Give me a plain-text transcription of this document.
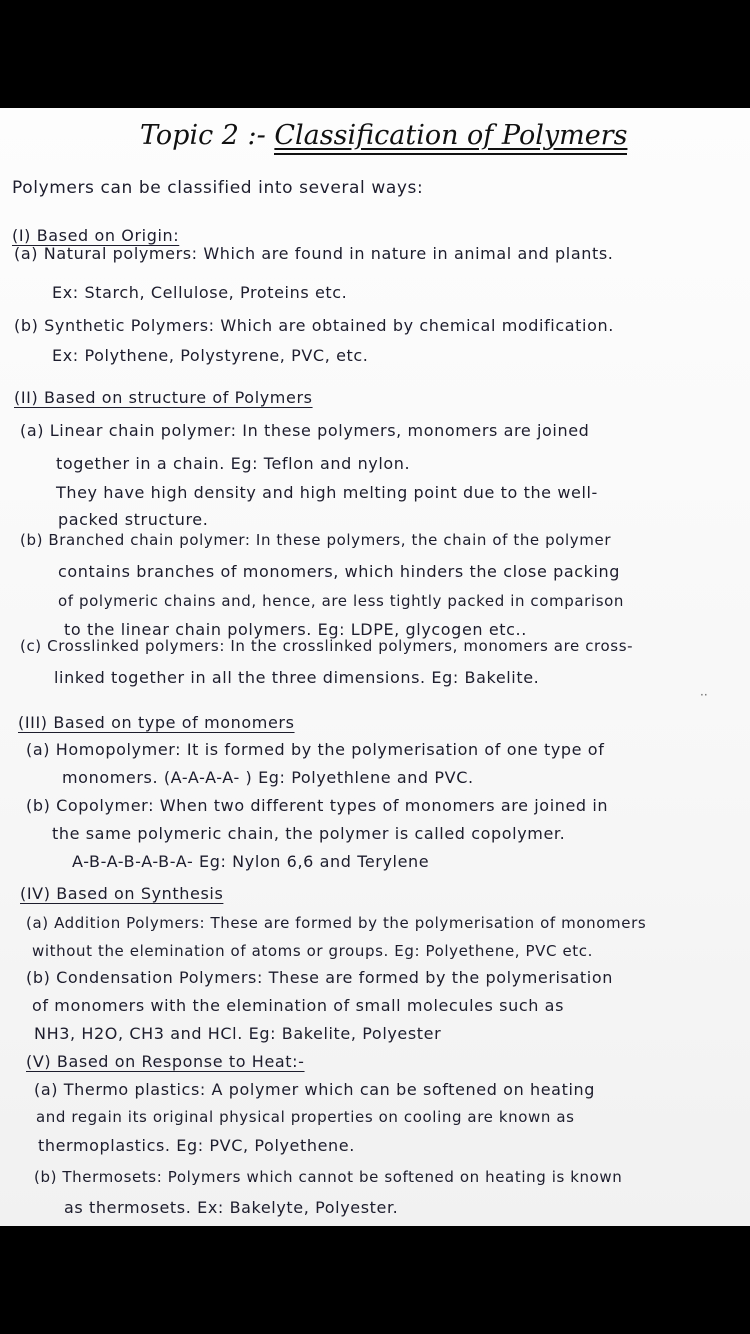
Topic 2 :- Classification of Polymers
Polymers can be classified into several ways:
(I) Based on Origin:
(a) Natural polymers: Which are found in nature in animal and plants.
Ex: Starch, Cellulose, Proteins etc.
(b) Synthetic Polymers: Which are obtained by chemical modification.
Ex: Polythene, Polystyrene, PVC, etc.
(II) Based on structure of Polymers
(a) Linear chain polymer: In these polymers, monomers are joined
together in a chain. Eg: Teflon and nylon.
They have high density and high melting point due to the well-
packed structure.
(b) Branched chain polymer: In these polymers, the chain of the polymer
contains branches of monomers, which hinders the close packing
of polymeric chains and, hence, are less tightly packed in comparison
to the linear chain polymers. Eg: LDPE, glycogen etc..
(c) Crosslinked polymers: In the crosslinked polymers, monomers are cross-
linked together in all the three dimensions. Eg: Bakelite.
··
(III) Based on type of monomers
(a) Homopolymer: It is formed by the polymerisation of one type of
monomers. (A-A-A-A- ) Eg: Polyethlene and PVC.
(b) Copolymer: When two different types of monomers are joined in
the same polymeric chain, the polymer is called copolymer.
A-B-A-B-A-B-A- Eg: Nylon 6,6 and Terylene
(IV) Based on Synthesis
(a) Addition Polymers: These are formed by the polymerisation of monomers
without the elemination of atoms or groups. Eg: Polyethene, PVC etc.
(b) Condensation Polymers: These are formed by the polymerisation
of monomers with the elemination of small molecules such as
NH3, H2O, CH3 and HCl. Eg: Bakelite, Polyester
(V) Based on Response to Heat:-
(a) Thermo plastics: A polymer which can be softened on heating
and regain its original physical properties on cooling are known as
thermoplastics. Eg: PVC, Polyethene.
(b) Thermosets: Polymers which cannot be softened on heating is known
as thermosets. Ex: Bakelyte, Polyester.
